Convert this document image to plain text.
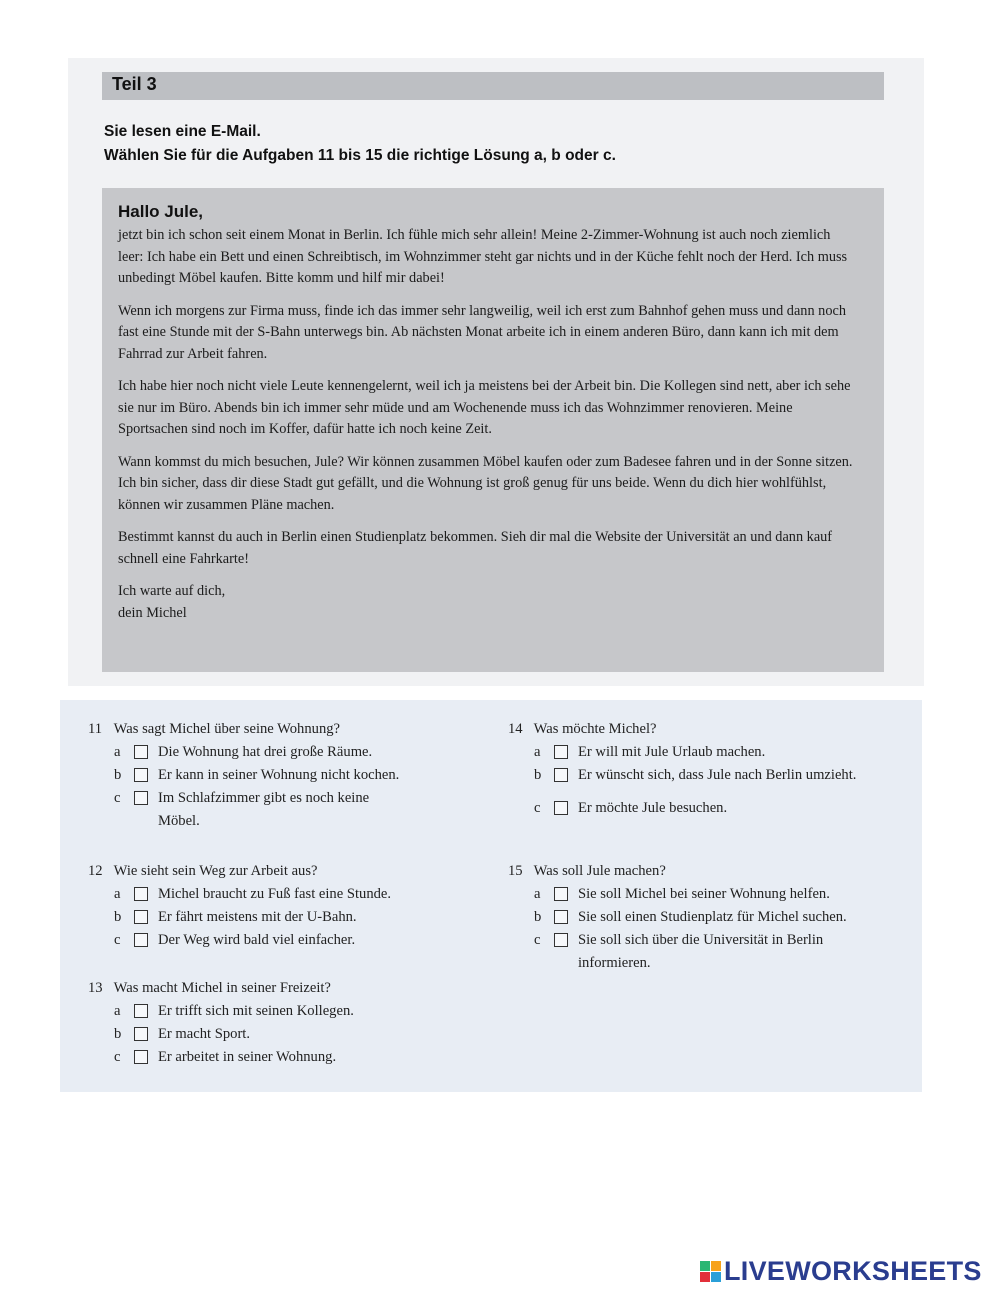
Teil 3
Sie lesen eine E-Mail.
Wählen Sie für die Aufgaben 11 bis 15 die richtige Lösung a, b oder c.
Hallo Jule,

jetzt bin ich schon seit einem Monat in Berlin. Ich fühle mich sehr allein! Meine 2-Zimmer-Wohnung ist auch noch ziemlich leer: Ich habe ein Bett und einen Schreibtisch, im Wohnzimmer steht gar nichts und in der Küche fehlt noch der Herd. Ich muss unbedingt Möbel kaufen. Bitte komm und hilf mir dabei!

Wenn ich morgens zur Firma muss, finde ich das immer sehr langweilig, weil ich erst zum Bahnhof gehen muss und dann noch fast eine Stunde mit der S-Bahn unterwegs bin. Ab nächsten Monat arbeite ich in einem anderen Büro, dann kann ich mit dem Fahrrad zur Arbeit fahren.

Ich habe hier noch nicht viele Leute kennengelernt, weil ich ja meistens bei der Arbeit bin. Die Kollegen sind nett, aber ich sehe sie nur im Büro. Abends bin ich immer sehr müde und am Wochenende muss ich das Wohnzimmer renovieren. Meine Sportsachen sind noch im Koffer, dafür hatte ich noch keine Zeit.

Wann kommst du mich besuchen, Jule? Wir können zusammen Möbel kaufen oder zum Badesee fahren und in der Sonne sitzen. Ich bin sicher, dass dir diese Stadt gut gefällt, und die Wohnung ist groß genug für uns beide. Wenn du dich hier wohlfühlst, können wir zusammen Pläne machen.

Bestimmt kannst du auch in Berlin einen Studienplatz bekommen. Sieh dir mal die Website der Universität an und dann kauf schnell eine Fahrkarte!

Ich warte auf dich,
dein Michel
11
Was sagt Michel über seine Wohnung?
a	Die Wohnung hat drei große Räume.
b	Er kann in seiner Wohnung nicht kochen.
c	Im Schlafzimmer gibt es noch keine Möbel.
12
Wie sieht sein Weg zur Arbeit aus?
a	Michel braucht zu Fuß fast eine Stunde.
b	Er fährt meistens mit der U-Bahn.
c	Der Weg wird bald viel einfacher.
13
Was macht Michel in seiner Freizeit?
a	Er trifft sich mit seinen Kollegen.
b	Er macht Sport.
c	Er arbeitet in seiner Wohnung.
14
Was möchte Michel?
a	Er will mit Jule Urlaub machen.
b	Er wünscht sich, dass Jule nach Berlin umzieht.
c	Er möchte Jule besuchen.
15
Was soll Jule machen?
a	Sie soll Michel bei seiner Wohnung helfen.
b	Sie soll einen Studienplatz für Michel suchen.
c	Sie soll sich über die Universität in Berlin informieren.
LIVEWORKSHEETS
